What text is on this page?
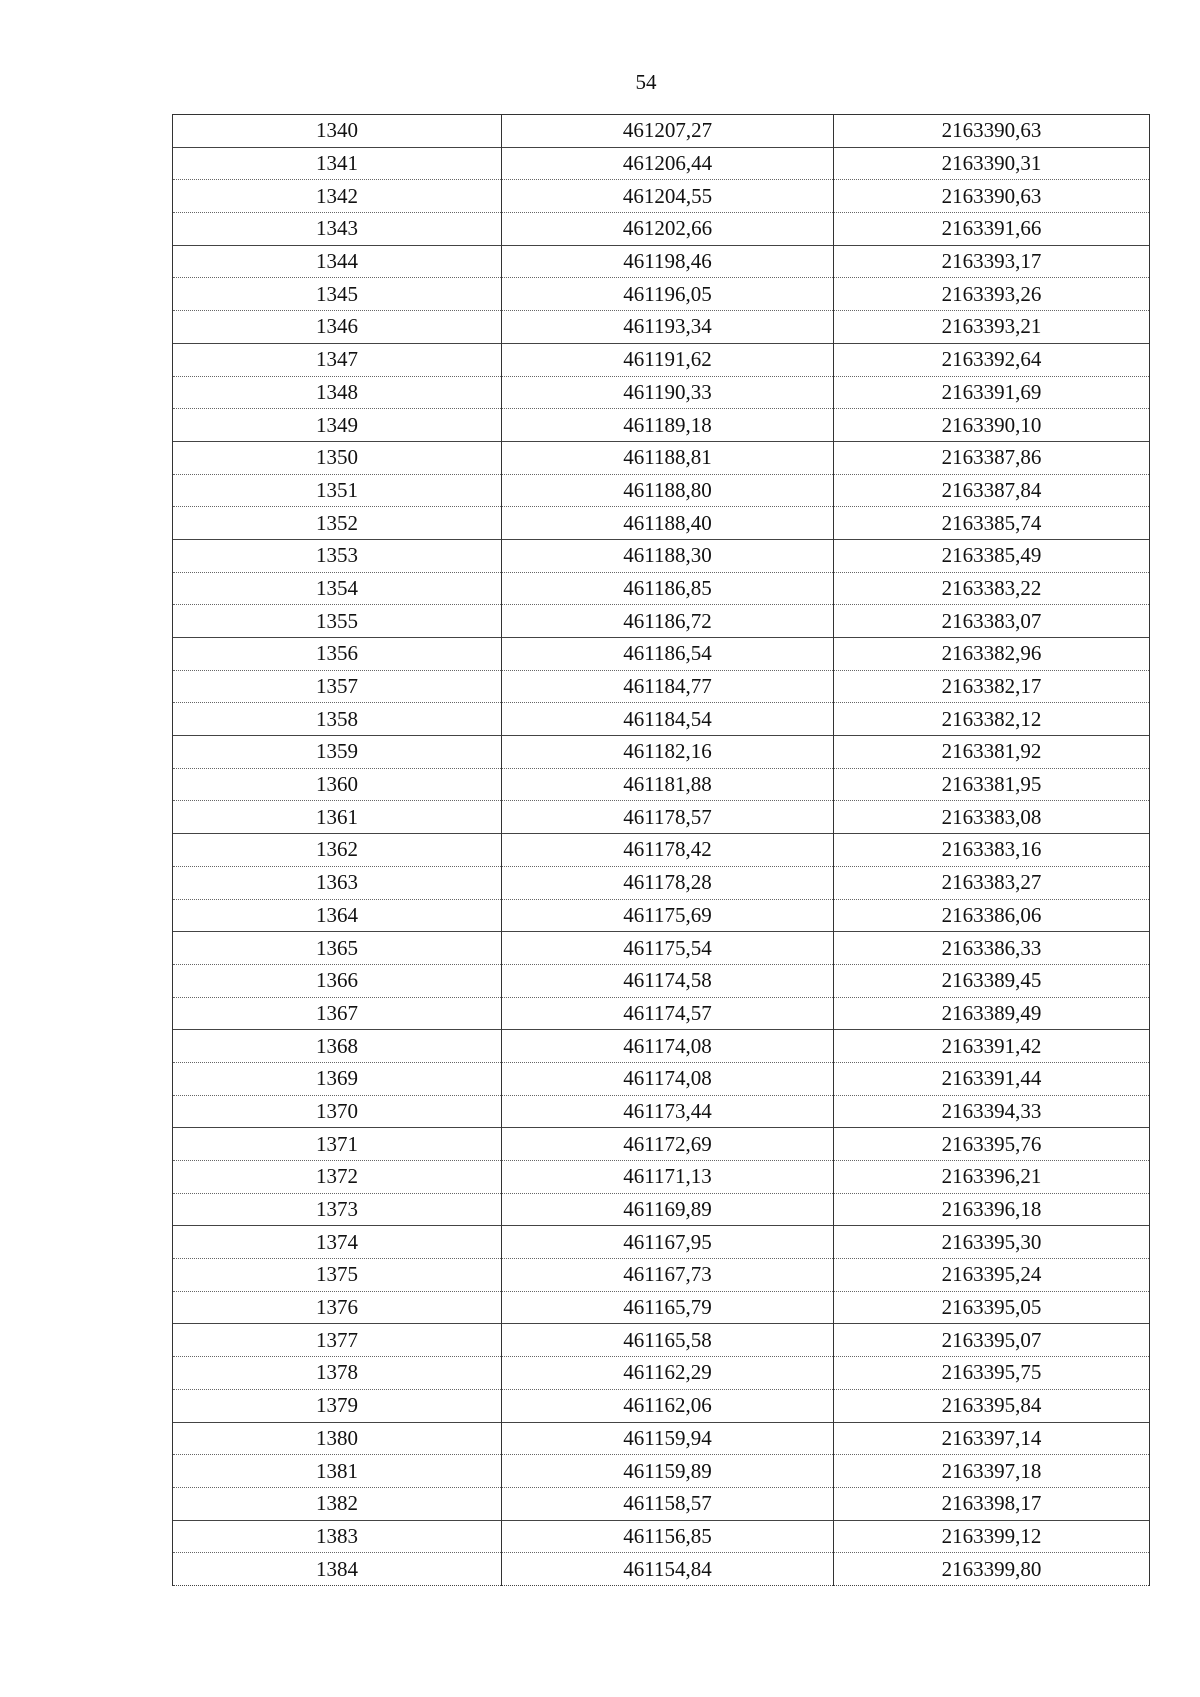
54
1340	461207,27	2163390,63
1341	461206,44	2163390,31
1342	461204,55	2163390,63
1343	461202,66	2163391,66
1344	461198,46	2163393,17
1345	461196,05	2163393,26
1346	461193,34	2163393,21
1347	461191,62	2163392,64
1348	461190,33	2163391,69
1349	461189,18	2163390,10
1350	461188,81	2163387,86
1351	461188,80	2163387,84
1352	461188,40	2163385,74
1353	461188,30	2163385,49
1354	461186,85	2163383,22
1355	461186,72	2163383,07
1356	461186,54	2163382,96
1357	461184,77	2163382,17
1358	461184,54	2163382,12
1359	461182,16	2163381,92
1360	461181,88	2163381,95
1361	461178,57	2163383,08
1362	461178,42	2163383,16
1363	461178,28	2163383,27
1364	461175,69	2163386,06
1365	461175,54	2163386,33
1366	461174,58	2163389,45
1367	461174,57	2163389,49
1368	461174,08	2163391,42
1369	461174,08	2163391,44
1370	461173,44	2163394,33
1371	461172,69	2163395,76
1372	461171,13	2163396,21
1373	461169,89	2163396,18
1374	461167,95	2163395,30
1375	461167,73	2163395,24
1376	461165,79	2163395,05
1377	461165,58	2163395,07
1378	461162,29	2163395,75
1379	461162,06	2163395,84
1380	461159,94	2163397,14
1381	461159,89	2163397,18
1382	461158,57	2163398,17
1383	461156,85	2163399,12
1384	461154,84	2163399,80
